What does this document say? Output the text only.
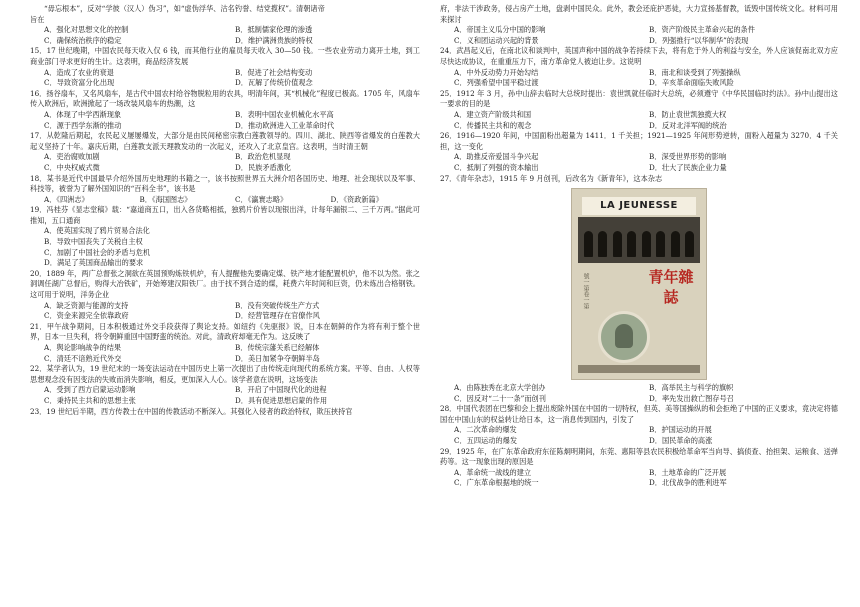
“毋忘根本”，反对“学彼（汉人）伪习”，如“虚伪浮华、沽名钓誉、结党揽权”。清朝诸帝

旨在

A．强化对思想文化的控制	B．抵制儒家伦理的渗透
C．确保统治秩序的稳定	D．维护满洲贵族的特权

15．17 世纪晚期，中国农民每天收入仅 6 钱，而其他行业的雇员每天收入 30—50 钱。一些农业劳动力离开土地，到工商业部门寻求更好的生计。这表明，商品经济发展

A．造成了农业的衰退	B．促进了社会结构变动
C．导致资富分化出现	D．瓦解了传统价值观念

16．扬谷扇车，又名风扇车，是古代中国农村给谷物脱粒用的农具，明清年间，其“机械化”程度已极高。1705 年，风扇车传入欧洲后，欧洲掀起了一场改装风扇车的热潮，这

A．体现了中学西渐现象	B．表明中国农业机械化水平高
C．源于西学东渐的推动	D．推动欧洲进入工业革命时代

17．从乾隆后期起，农民起义屡屡爆发，大部分是由民间秘密宗教白莲教领导的。四川、湖北、陕西等省爆发的白莲教大起义坚持了十年。嘉庆后期，白莲教支派天理教发动的一次起义，还攻入了北京皇宫。这表明，当时清王朝

A．吏治腐败加剧	B．政治危机显现
C．中央权威式微	D．民族矛盾激化

18．某书是近代中国最早介绍外国历史地理的书籍之一，该书按照世界五大洲介绍各国历史、地理、社会现状以及军事、科技等，被誉为了解外国知识的“百科全书”，该书是

A．《四洲志》	B．《海国图志》	C．《瀛寰志略》	D．《资政新篇》

19．冯桂芬《显志堂稿》载：“嘉道商五口，出入各货略相抵，独鸦片价皆以现银出洋，计每年漏银二、三千万两。”据此可推知，五口通商

A．使英国实现了鸦片贸易合法化
B．导致中国丧失了关税自主权
C．加剧了中国社会的矛盾与危机
D．满足了英国商品输出的要求

20．1889 年，两广总督张之洞欲在英国预购炼铁机炉，有人提醒他先要确定煤、铁产地才能配置机炉，他不以为然。张之洞调任湖广总督后，购得大冶铁矿，开始筹建汉阳铁厂。由于找不到合适的煤，耗费六年时间和巨资，仍未炼出合格钢铁。这可用于说明，洋务企业

A．缺乏资源与能源的支持	B．没有突破传统生产方式
C．资金来源完全依靠政府	D．经营管理存在官僚作风

21．甲午战争期间，日本积极通过外交手段获得了舆论支持。如纽约《先驱报》说，日本在朝鲜的作为将有利于整个世界，日本一旦失利，将令朝鲜重回中国野蛮的统治。对此，清政府却毫无作为。这反映了

A．舆论影响战争的结果	B．传统宗藩关系已经解体
C．清廷不谙熟近代外交	D．美日加紧争夺朝鲜半岛

22．某学者认为，19 世纪末的一场变法运动在中国历史上第一次提出了由传统走向现代的系统方案。平等、自由、人权等思想观念没有因变法的失败而消失影响，相反，更加深入人心。该学者意在说明，这场变法

A．受到了西方启蒙运动影响	B．开启了中国现代化的进程
C．秉持民主共和的思想主张	D．具有促进思想启蒙的作用

23．19 世纪后半期，西方传教士在中国的传教活动不断深入。其强化入侵者的政治特权，欺压挟持官

府，非法干涉政务，侵占房产土地，盘剥中国民众。此外，教会还庇护恶徒，大力宣扬基督教，诋毁中国传统文化。材料可用来探讨

A．帝国主义瓜分中国的影响	B．资产阶级民主革命兴起的条件
C．义和团运动兴起的背景	D．列强推行“以华制华”的表现

24．武昌起义后，在南北议和谈判中，英国声称中国的战争若持续下去，将有危于外人的利益与安全，外人应该促南北双方应尽快达成协议，在重重压力下，南方革命党人被迫让步。这说明

A．中外反动势力开始勾结	B．南北和谈受到了列强操纵
C．列强希望中国平稳过渡	D．辛亥革命面临失败风险

25．1912 年 3 月，孙中山辞去临时大总统时提出：袁世凯就任临时大总统，必须遵守《中华民国临时约法》。孙中山提出这一要求的目的是

A．建立资产阶级共和国	B．防止袁世凯独揽大权
C．传播民主共和的观念	D．反对北洋军阀的统治

26．1916—1920 年间，中国面粉出超量为 1411．1 千关担；1921—1925 年间形势逆转，面粉入超量为 3270．4 千关担，这一变化

A．助推反帝爱国斗争兴起	B．深受世界形势的影响
C．抵制了列强的资本输出	D．壮大了民族企业力量

27．《青年杂志》，1915 年 9 月创刊，后改名为《新青年》，这本杂志

LA JEUNESSE
青年雜誌
號一第卷一第
A．由陈独秀在北京大学创办	B．高举民主与科学的旗帜
C．因反对“二十一条”而创刊	D．率先发出救亡图存号召

28．中国代表团在巴黎和会上提出废除外国在中国的一切特权，但英、美等国操纵的和会拒绝了中国的正义要求，竟决定将德国在中国山东的权益转让给日本，这一消息传到国内，引发了

A．二次革命的爆发	B．护国运动的开展
C．五四运动的爆发	D．国民革命的高涨

29．1925 年，在广东革命政府东征陈炯明期间，东莞、惠阳等县农民积极给革命军当向导、搞侦查、抬担架、运粮食、送弹药等。这一现象出现的原因是

A．革命统一战线的建立	B．土地革命的广泛开展
C．广东革命根据地的统一	D．北伐战争的胜利进军
